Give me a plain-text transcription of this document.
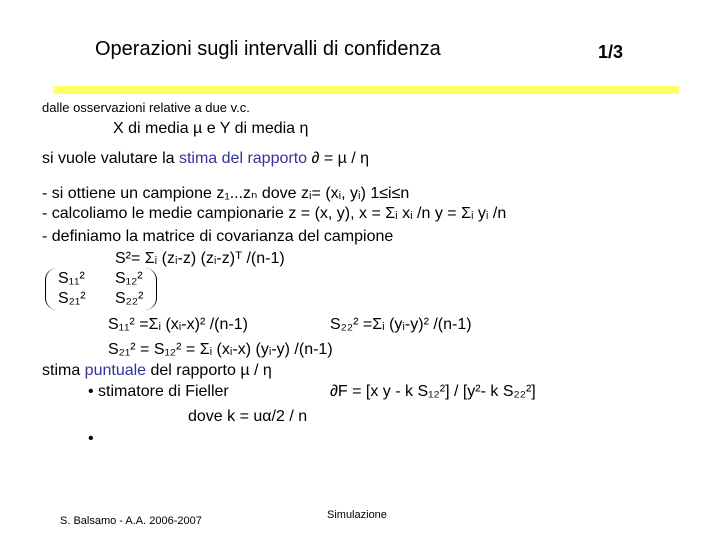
Operazioni sugli intervalli di confidenza	1/3
dalle osservazioni relative a due v.c.
X di media µ e Y di media η
si vuole valutare la stima del rapporto ∂ = µ / η
- si ottiene un campione z₁...zₙ dove zᵢ= (xᵢ, yᵢ) 1≤i≤n
- calcoliamo le medie campionarie z = (x, y), x = Σᵢ xᵢ /n y = Σᵢ yᵢ /n
- definiamo la matrice di covarianza del campione
S²= Σᵢ (zᵢ-z) (zᵢ-z)ᵀ /(n-1)
S₁₁² S₁₂²
S₂₁² S₂₂²
S₁₁² =Σᵢ (xᵢ-x)² /(n-1)	S₂₂² =Σᵢ (yᵢ-y)² /(n-1)
S₂₁² = S₁₂² = Σᵢ (xᵢ-x) (yᵢ-y) /(n-1)
stima puntuale del rapporto µ / η
• stimatore di Fieller	∂F = [x y - k S₁₂²] / [y²- k S₂₂²]
dove k = uα/2 / n
•
S. Balsamo - A.A. 2006-2007	Simulazione
